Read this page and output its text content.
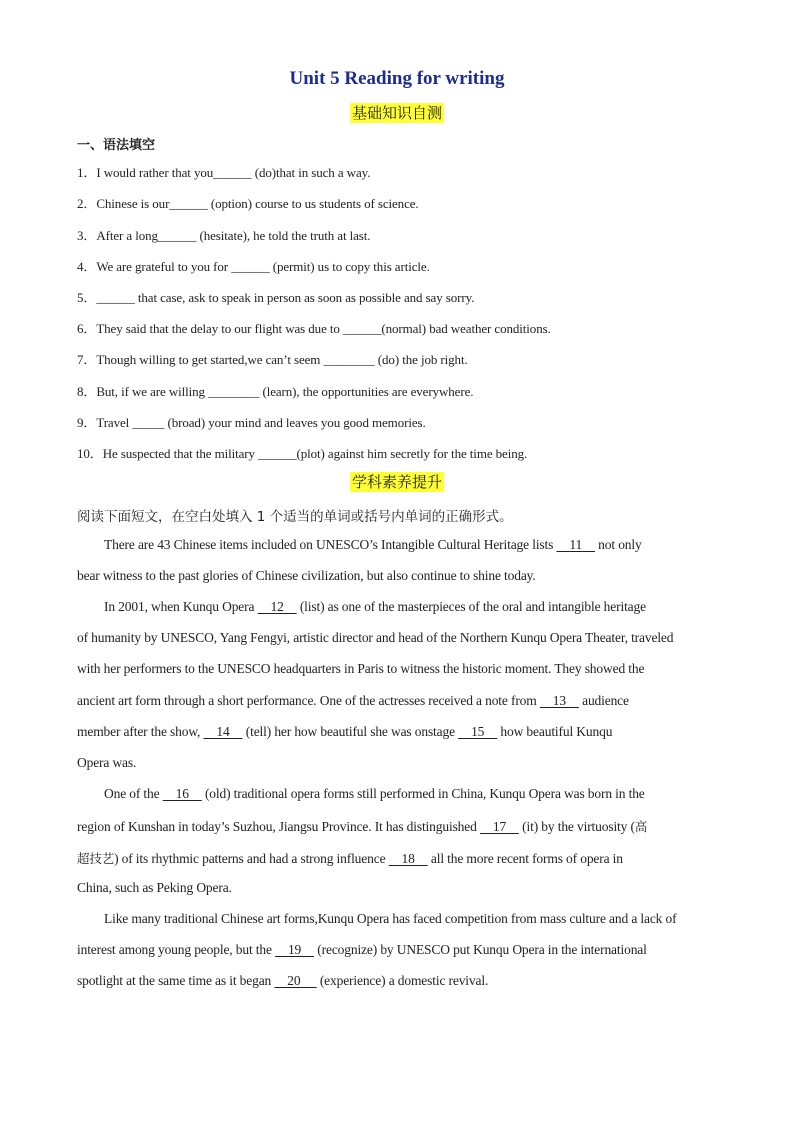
Unit 5 Reading for writing
基础知识自测
一、语法填空
1．I would rather that you______ (do)that in such a way.
2．Chinese is our______ (option) course to us students of science.
3．After a long______ (hesitate), he told the truth at last.
4．We are grateful to you for ______ (permit) us to copy this article.
5．______ that case, ask to speak in person as soon as possible and say sorry.
6．They said that the delay to our flight was due to ______(normal) bad weather conditions.
7．Though willing to get started,we can’t seem ________ (do) the job right.
8．But, if we are willing ________ (learn), the opportunities are everywhere.
9．Travel _____ (broad) your mind and leaves you good memories.
10．He suspected that the military ______(plot) against him secretly for the time being.
学科素养提升
阅读下面短文，在空白处填入 1 个适当的单词或括号内单词的正确形式。
There are 43 Chinese items included on UNESCO’s Intangible Cultural Heritage lists     11     not only
bear witness to the past glories of Chinese civilization, but also continue to shine today.
In 2001, when Kunqu Opera     12     (list) as one of the masterpieces of the oral and intangible heritage
of humanity by UNESCO, Yang Fengyi, artistic director and head of the Northern Kunqu Opera Theater, traveled
with her performers to the UNESCO headquarters in Paris to witness the historic moment. They showed the
ancient art form through a short performance. One of the actresses received a note from     13     audience
member after the show,     14     (tell) her how beautiful she was onstage     15     how beautiful Kunqu
Opera was.
One of the     16     (old) traditional opera forms still performed in China, Kunqu Opera was born in the
region of Kunshan in today’s Suzhou, Jiangsu Province. It has distinguished     17     (it) by the virtuosity (高
超技艺) of its rhythmic patterns and had a strong influence     18     all the more recent forms of opera in
China, such as Peking Opera.
Like many traditional Chinese art forms,Kunqu Opera has faced competition from mass culture and a lack of
interest among young people, but the     19     (recognize) by UNESCO put Kunqu Opera in the international
spotlight at the same time as it began     20      (experience) a domestic revival.
